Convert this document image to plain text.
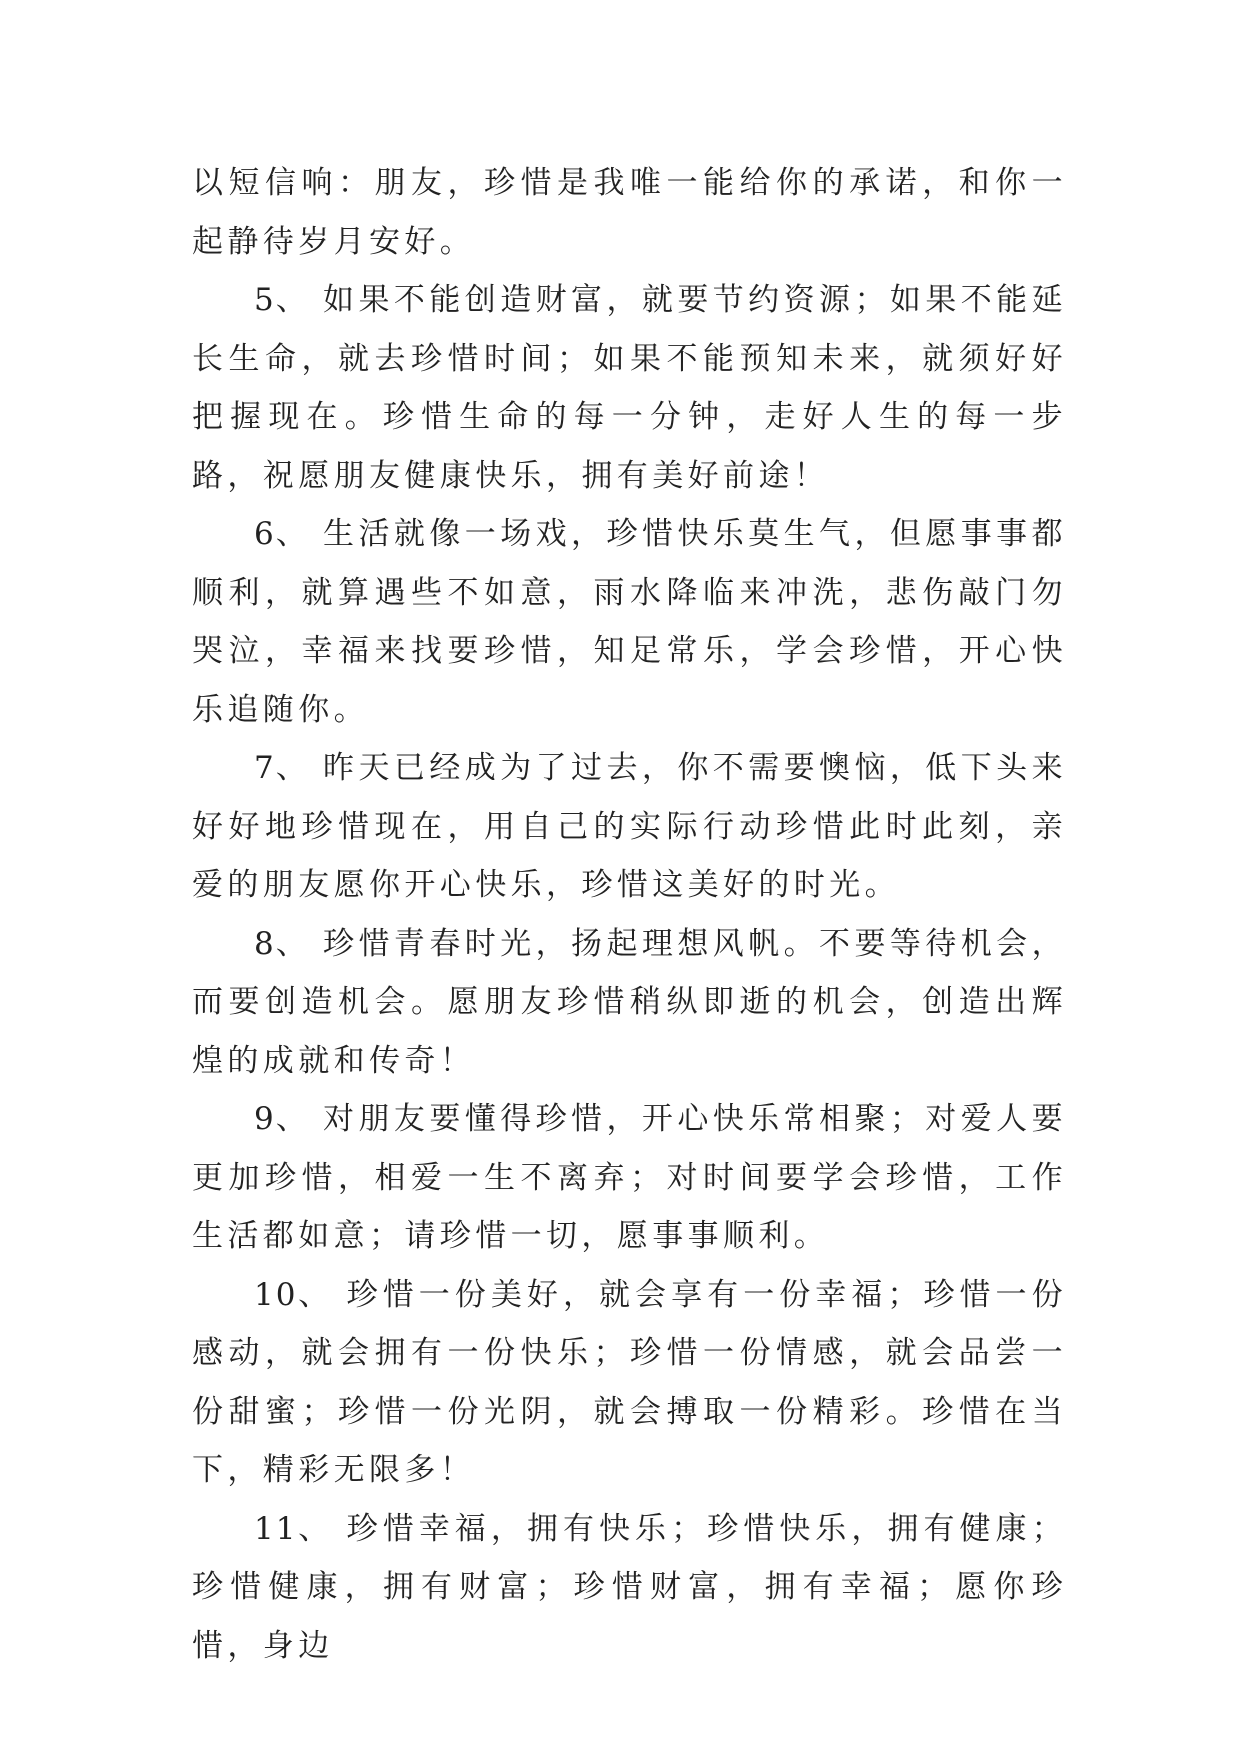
以短信响：朋友，珍惜是我唯一能给你的承诺，和你一起静待岁月安好。

5、 如果不能创造财富，就要节约资源；如果不能延长生命，就去珍惜时间；如果不能预知未来，就须好好把握现在。珍惜生命的每一分钟，走好人生的每一步路，祝愿朋友健康快乐，拥有美好前途！

6、 生活就像一场戏，珍惜快乐莫生气，但愿事事都顺利，就算遇些不如意，雨水降临来冲洗，悲伤敲门勿哭泣，幸福来找要珍惜，知足常乐，学会珍惜，开心快乐追随你。

7、 昨天已经成为了过去，你不需要懊恼，低下头来好好地珍惜现在，用自己的实际行动珍惜此时此刻，亲爱的朋友愿你开心快乐，珍惜这美好的时光。

8、 珍惜青春时光，扬起理想风帆。不要等待机会，而要创造机会。愿朋友珍惜稍纵即逝的机会，创造出辉煌的成就和传奇！

9、 对朋友要懂得珍惜，开心快乐常相聚；对爱人要更加珍惜，相爱一生不离弃；对时间要学会珍惜，工作生活都如意；请珍惜一切，愿事事顺利。

10、 珍惜一份美好，就会享有一份幸福；珍惜一份感动，就会拥有一份快乐；珍惜一份情感，就会品尝一份甜蜜；珍惜一份光阴，就会搏取一份精彩。珍惜在当下，精彩无限多！

11、 珍惜幸福，拥有快乐；珍惜快乐，拥有健康；珍惜健康，拥有财富；珍惜财富，拥有幸福；愿你珍惜，身边
